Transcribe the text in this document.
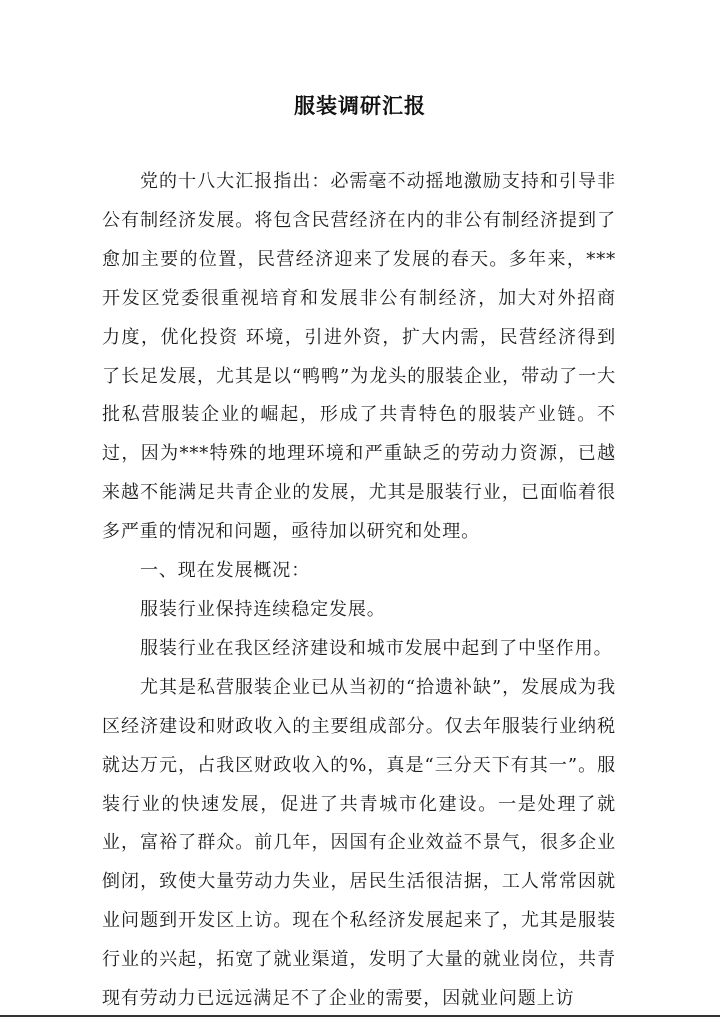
服装调研汇报

党的十八大汇报指出：必需毫不动摇地激励支持和引导非公有制经济发展。将包含民营经济在内的非公有制经济提到了愈加主要的位置，民营经济迎来了发展的春天。多年来，***开发区党委很重视培育和发展非公有制经济，加大对外招商 力度，优化投资 环境，引进外资，扩大内需，民营经济得到了长足发展，尤其是以“鸭鸭”为龙头的服装企业，带动了一大批私营服装企业的崛起，形成了共青特色的服装产业链。不过，因为***特殊的地理环境和严重缺乏的劳动力资源，已越来越不能满足共青企业的发展，尤其是服装行业，已面临着很多严重的情况和问题，亟待加以研究和处理。

一、现在发展概况：

服装行业保持连续稳定发展。

服装行业在我区经济建设和城市发展中起到了中坚作用。

尤其是私营服装企业已从当初的“拾遗补缺”，发展成为我区经济建设和财政收入的主要组成部分。仅去年服装行业纳税就达万元，占我区财政收入的%，真是“三分天下有其一”。服装行业的快速发展，促进了共青城市化建设。一是处理了就业，富裕了群众。前几年，因国有企业效益不景气，很多企业倒闭，致使大量劳动力失业，居民生活很洁据，工人常常因就业问题到开发区上访。现在个私经济发展起来了，尤其是服装行业的兴起，拓宽了就业渠道，发明了大量的就业岗位，共青现有劳动力已远远满足不了企业的需要，因就业问题上访
